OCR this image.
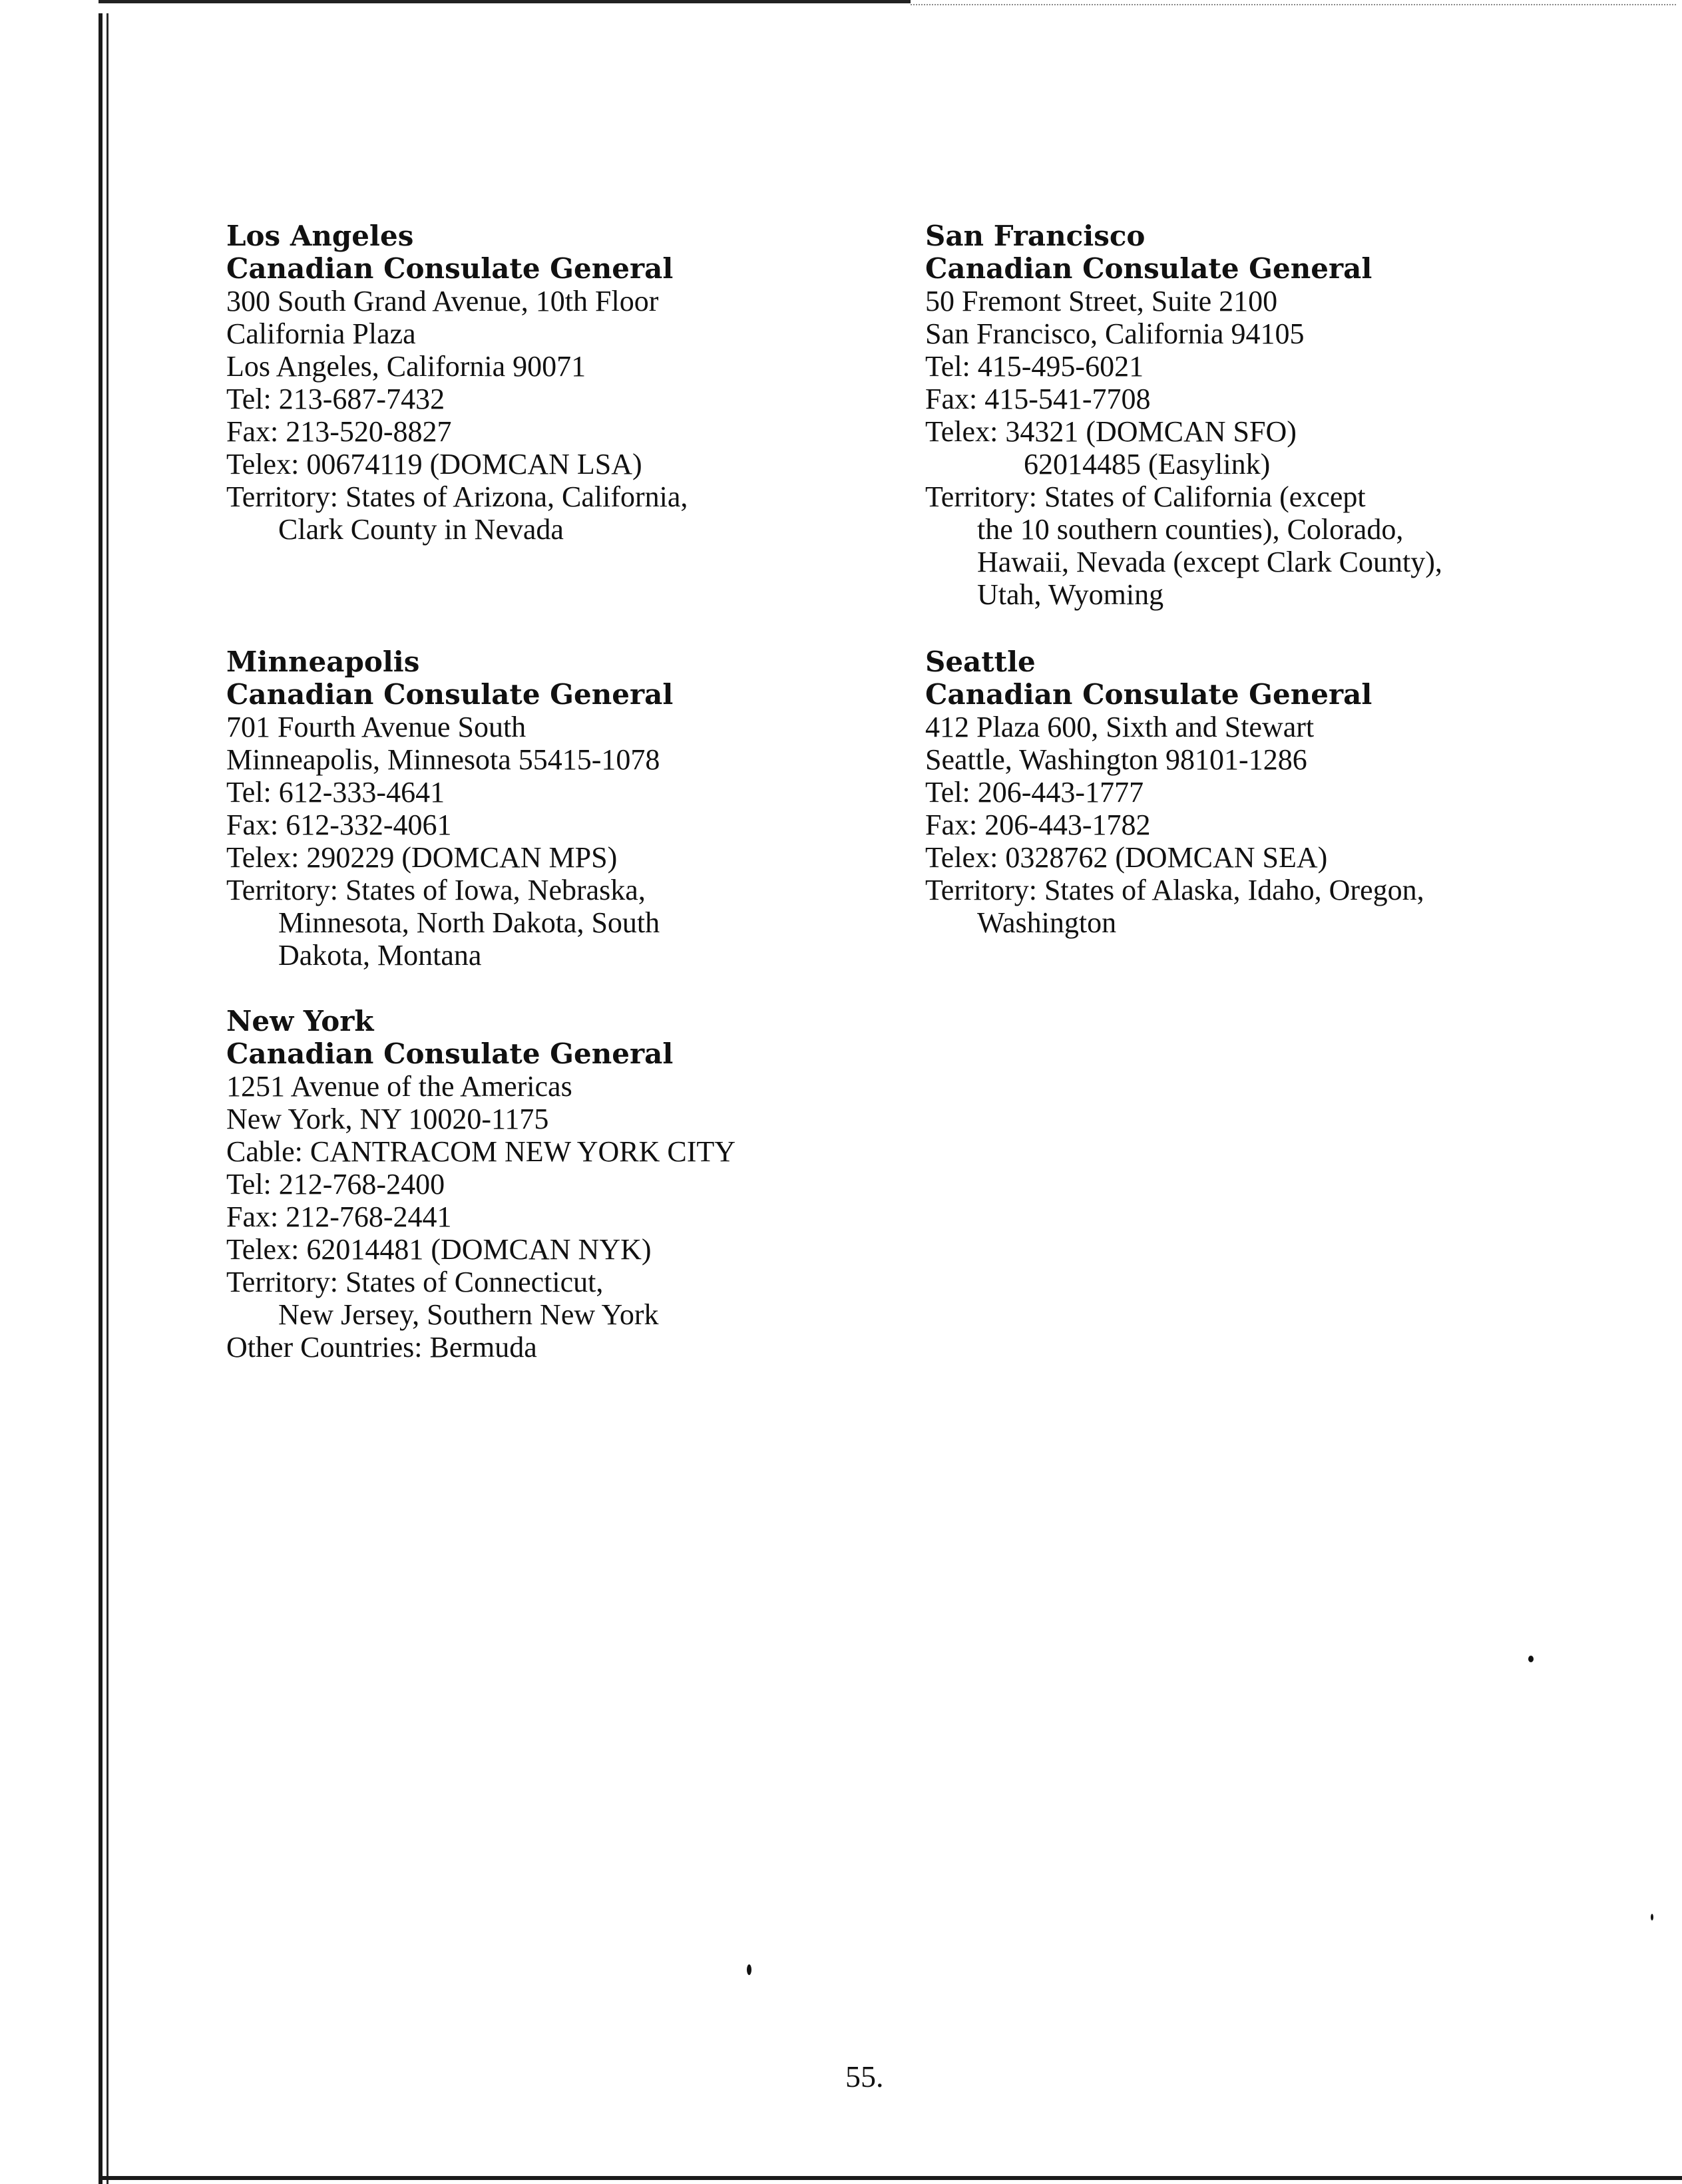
Los Angeles
Canadian Consulate General
300 South Grand Avenue, 10th Floor
California Plaza
Los Angeles, California 90071
Tel: 213-687-7432
Fax: 213-520-8827
Telex: 00674119 (DOMCAN LSA)
Territory: States of Arizona, California,
Clark County in Nevada
Minneapolis
Canadian Consulate General
701 Fourth Avenue South
Minneapolis, Minnesota 55415-1078
Tel: 612-333-4641
Fax: 612-332-4061
Telex: 290229 (DOMCAN MPS)
Territory: States of Iowa, Nebraska,
Minnesota, North Dakota, South
Dakota, Montana
New York
Canadian Consulate General
1251 Avenue of the Americas
New York, NY 10020-1175
Cable: CANTRACOM NEW YORK CITY
Tel: 212-768-2400
Fax: 212-768-2441
Telex: 62014481 (DOMCAN NYK)
Territory: States of Connecticut,
New Jersey, Southern New York
Other Countries: Bermuda
San Francisco
Canadian Consulate General
50 Fremont Street, Suite 2100
San Francisco, California 94105
Tel: 415-495-6021
Fax: 415-541-7708
Telex: 34321 (DOMCAN SFO)
62014485 (Easylink)
Territory: States of California (except
the 10 southern counties), Colorado,
Hawaii, Nevada (except Clark County),
Utah, Wyoming
Seattle
Canadian Consulate General
412 Plaza 600, Sixth and Stewart
Seattle, Washington 98101-1286
Tel: 206-443-1777
Fax: 206-443-1782
Telex: 0328762 (DOMCAN SEA)
Territory: States of Alaska, Idaho, Oregon,
Washington
55.
